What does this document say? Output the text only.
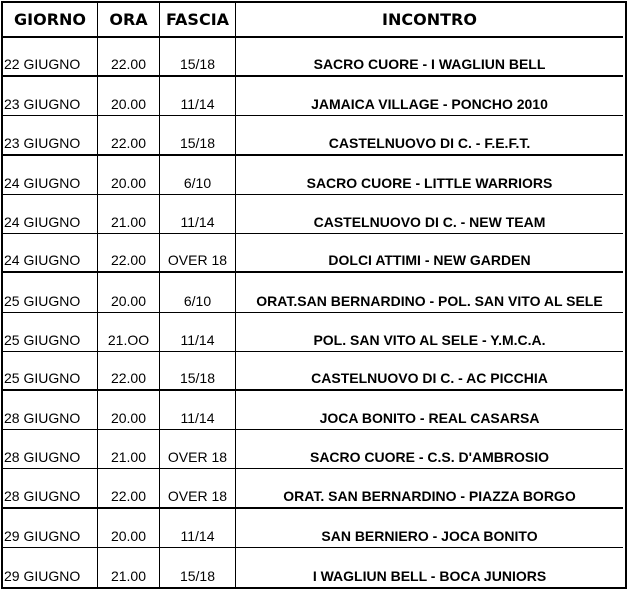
GIORNO	ORA	FASCIA	INCONTRO
22 GIUGNO	22.00	15/18	SACRO CUORE - I WAGLIUN BELL
23 GIUGNO	20.00	11/14	JAMAICA VILLAGE - PONCHO 2010
23 GIUGNO	22.00	15/18	CASTELNUOVO DI C. - F.E.F.T.
24 GIUGNO	20.00	6/10	SACRO CUORE - LITTLE WARRIORS
24 GIUGNO	21.00	11/14	CASTELNUOVO DI C. - NEW TEAM
24 GIUGNO	22.00	OVER 18	DOLCI ATTIMI - NEW GARDEN
25 GIUGNO	20.00	6/10	ORAT.SAN BERNARDINO - POL. SAN VITO AL SELE
25 GIUGNO	21.OO	11/14	POL. SAN VITO AL SELE - Y.M.C.A.
25 GIUGNO	22.00	15/18	CASTELNUOVO DI C. - AC PICCHIA
28 GIUGNO	20.00	11/14	JOCA BONITO - REAL CASARSA
28 GIUGNO	21.00	OVER 18	SACRO CUORE - C.S. D'AMBROSIO
28 GIUGNO	22.00	OVER 18	ORAT. SAN BERNARDINO - PIAZZA BORGO
29 GIUGNO	20.00	11/14	SAN BERNIERO - JOCA BONITO
29 GIUGNO	21.00	15/18	I WAGLIUN BELL - BOCA JUNIORS
